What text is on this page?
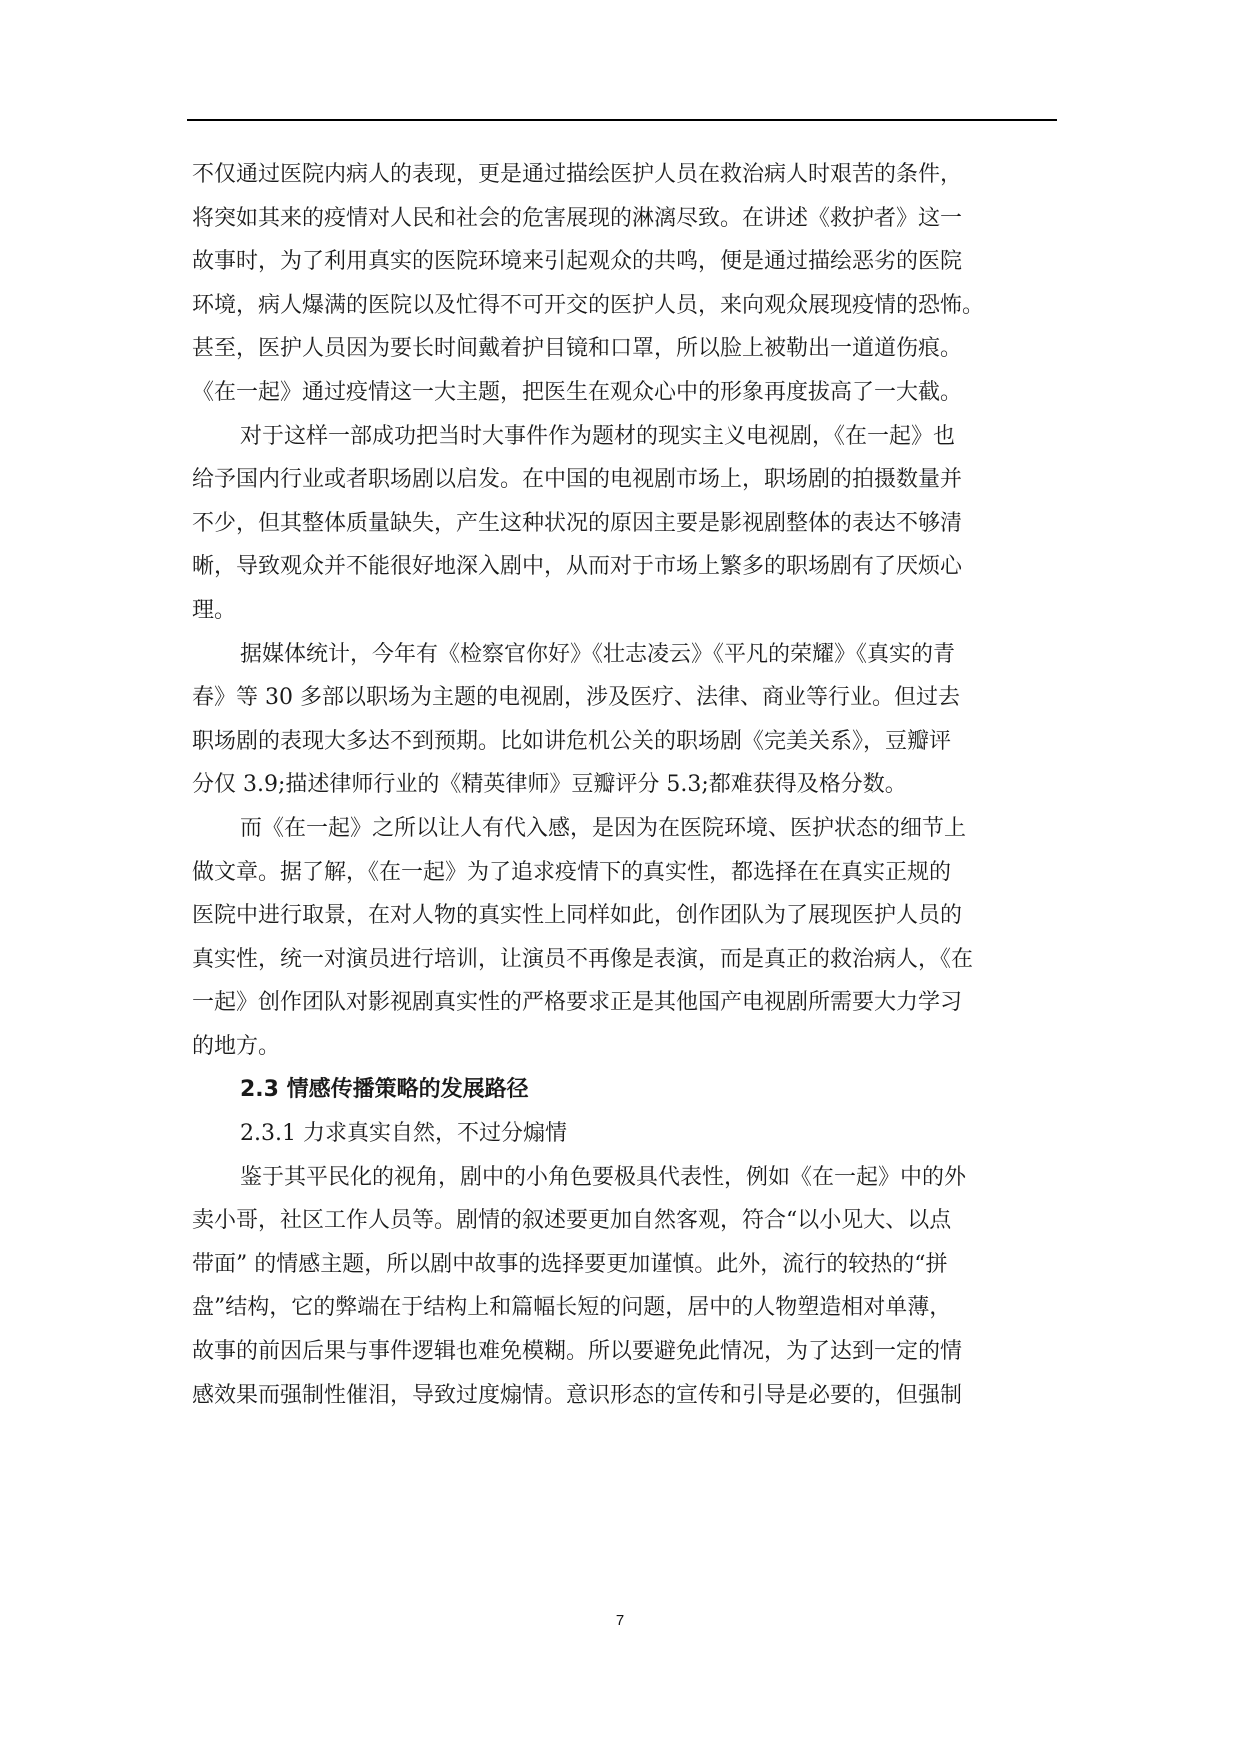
不仅通过医院内病人的表现，更是通过描绘医护人员在救治病人时艰苦的条件，
将突如其来的疫情对人民和社会的危害展现的淋漓尽致。在讲述《救护者》这一
故事时，为了利用真实的医院环境来引起观众的共鸣，便是通过描绘恶劣的医院
环境，病人爆满的医院以及忙得不可开交的医护人员，来向观众展现疫情的恐怖。
甚至，医护人员因为要长时间戴着护目镜和口罩，所以脸上被勒出一道道伤痕。
《在一起》通过疫情这一大主题，把医生在观众心中的形象再度拔高了一大截。
对于这样一部成功把当时大事件作为题材的现实主义电视剧，《在一起》也
给予国内行业或者职场剧以启发。在中国的电视剧市场上，职场剧的拍摄数量并
不少，但其整体质量缺失，产生这种状况的原因主要是影视剧整体的表达不够清
晰，导致观众并不能很好地深入剧中，从而对于市场上繁多的职场剧有了厌烦心
理。
据媒体统计，今年有《检察官你好》《壮志凌云》《平凡的荣耀》《真实的青
春》等 30 多部以职场为主题的电视剧，涉及医疗、法律、商业等行业。但过去
职场剧的表现大多达不到预期。比如讲危机公关的职场剧《完美关系》，豆瓣评
分仅 3.9;描述律师行业的《精英律师》豆瓣评分 5.3;都难获得及格分数。
而《在一起》之所以让人有代入感，是因为在医院环境、医护状态的细节上
做文章。据了解，《在一起》为了追求疫情下的真实性，都选择在在真实正规的
医院中进行取景，在对人物的真实性上同样如此，创作团队为了展现医护人员的
真实性，统一对演员进行培训，让演员不再像是表演，而是真正的救治病人，《在
一起》创作团队对影视剧真实性的严格要求正是其他国产电视剧所需要大力学习
的地方。
2.3 情感传播策略的发展路径
2.3.1 力求真实自然，不过分煽情
鉴于其平民化的视角，剧中的小角色要极具代表性，例如《在一起》中的外
卖小哥，社区工作人员等。剧情的叙述要更加自然客观，符合“以小见大、以点
带面” 的情感主题，所以剧中故事的选择要更加谨慎。此外，流行的较热的“拼
盘”结构，它的弊端在于结构上和篇幅长短的问题，居中的人物塑造相对单薄，
故事的前因后果与事件逻辑也难免模糊。所以要避免此情况，为了达到一定的情
感效果而强制性催泪，导致过度煽情。意识形态的宣传和引导是必要的，但强制
7
